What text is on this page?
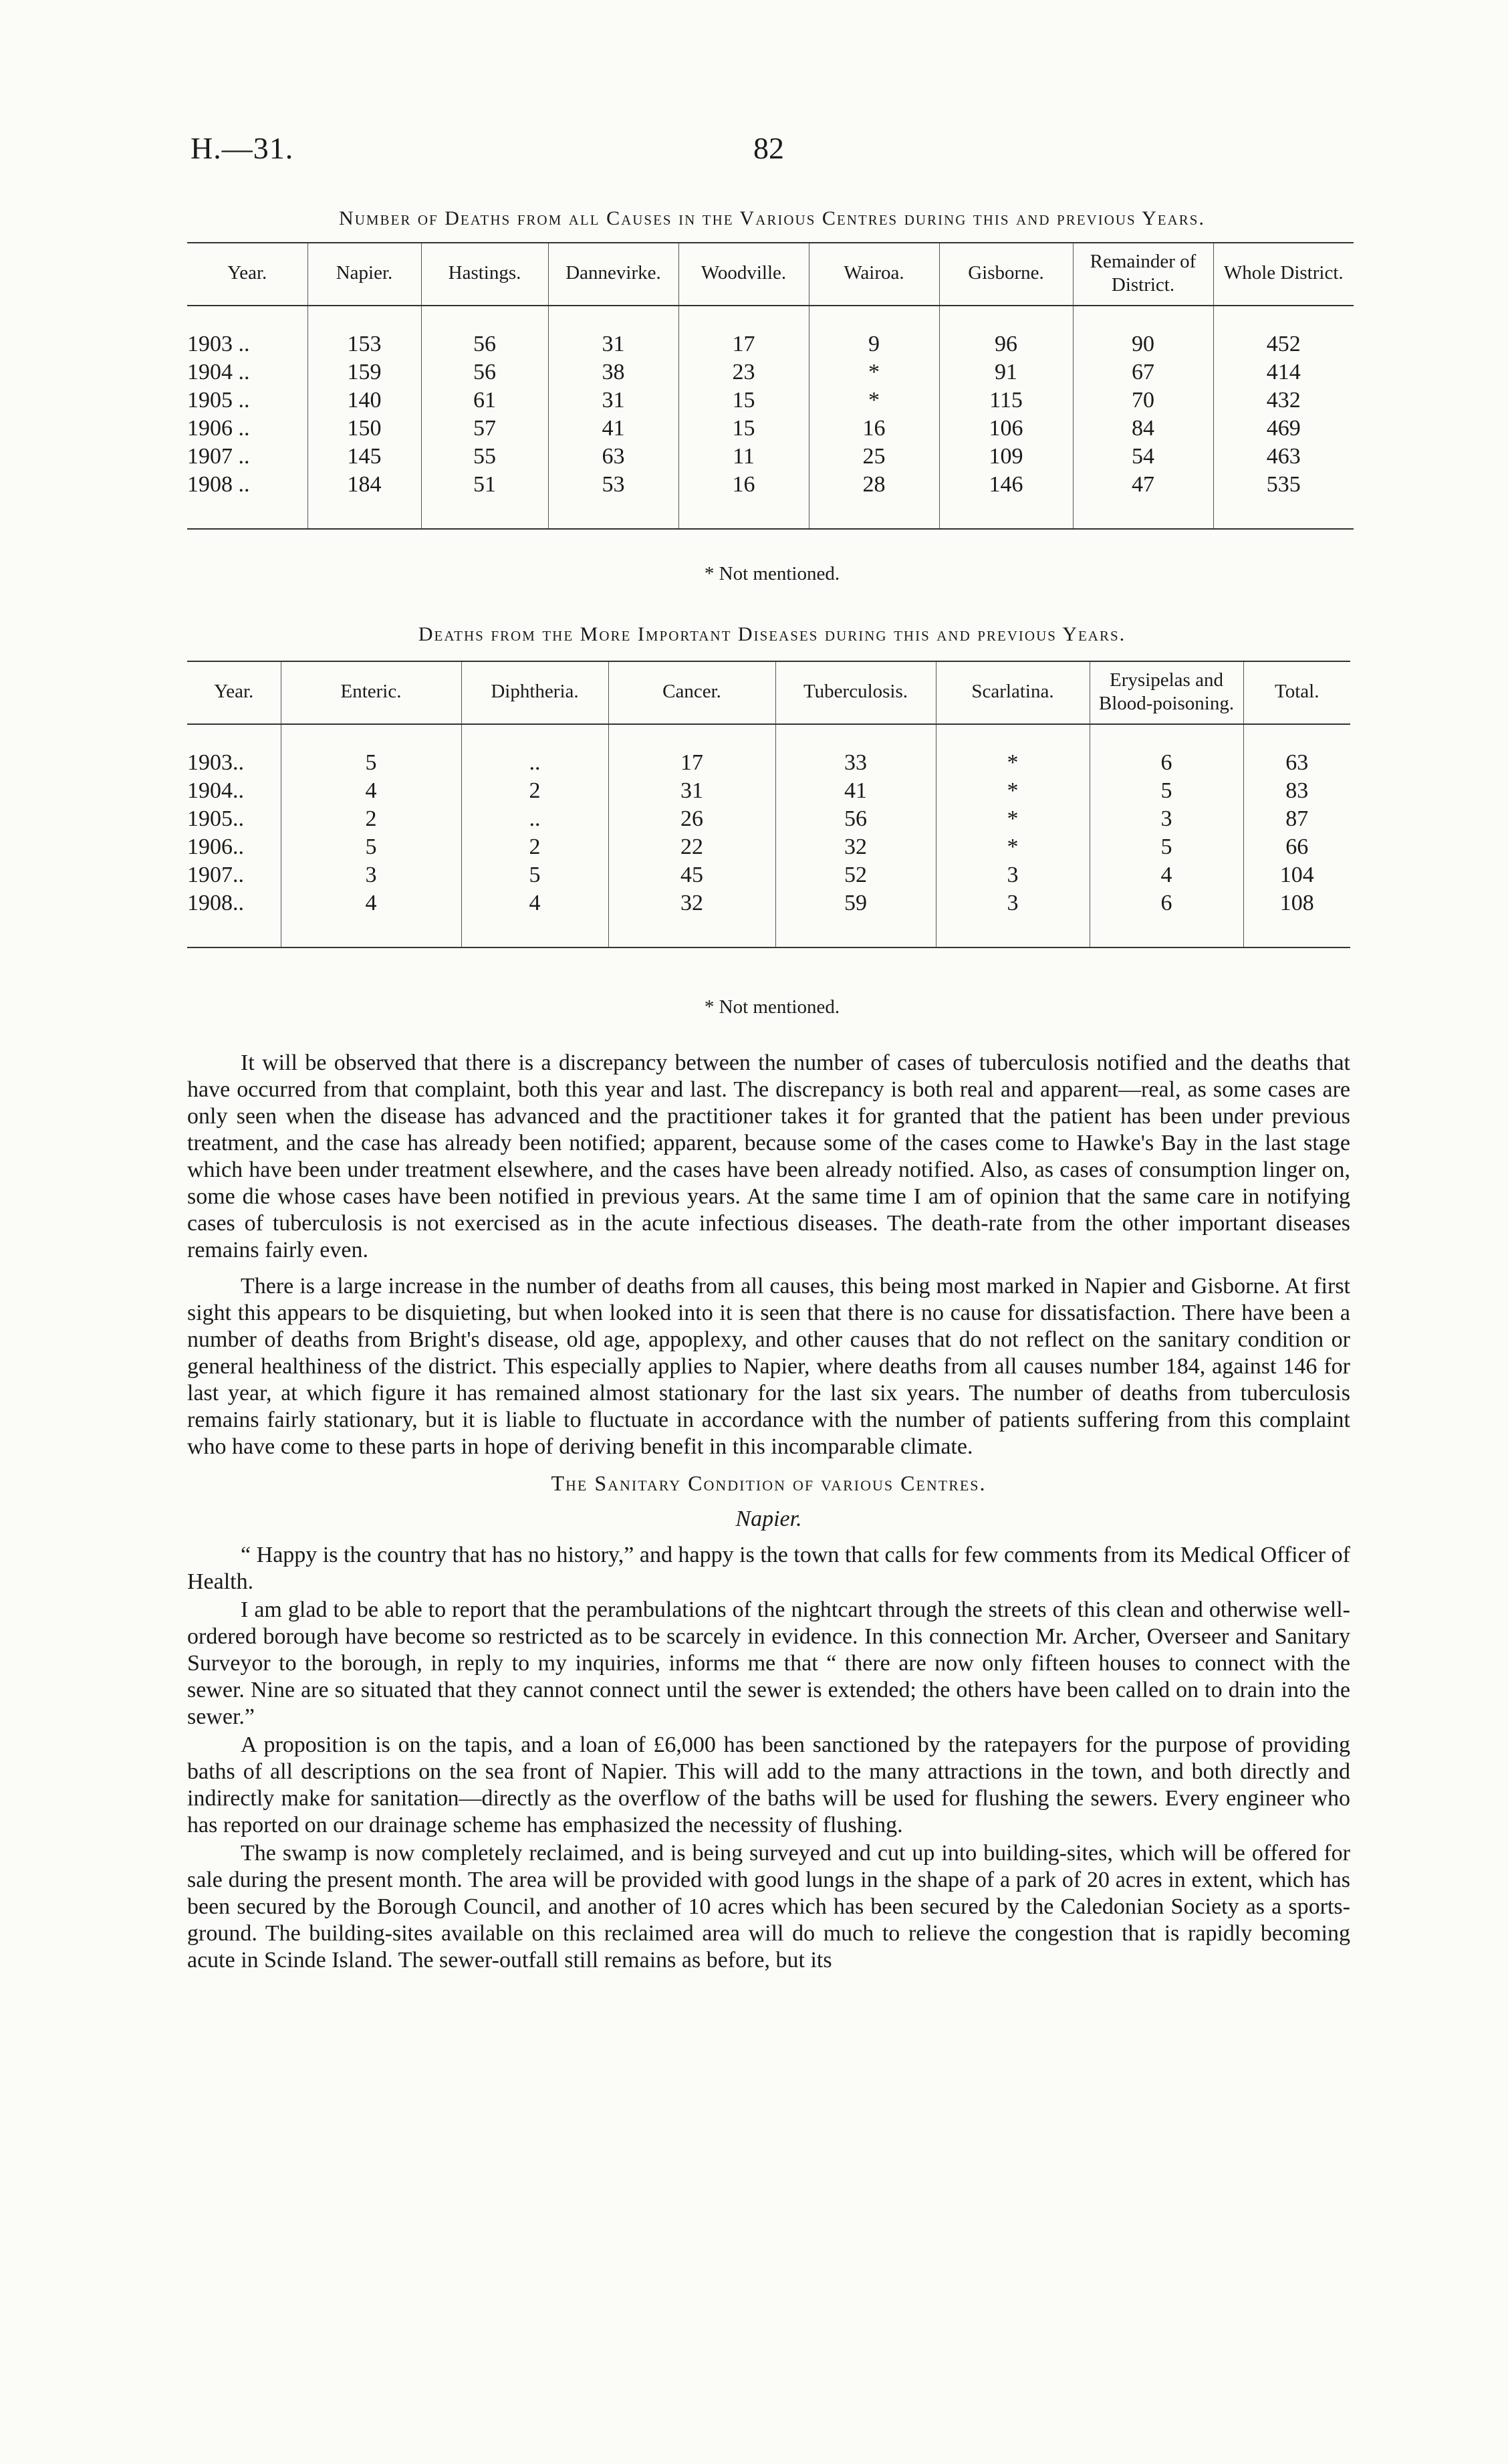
H.—31.	82
Number of Deaths from all Causes in the Various Centres during this and previous Years.
Year.	Napier.	Hastings.	Dannevirke.	Woodville.	Wairoa.	Gisborne.	Remainder of District.	Whole District.
1903 ..	153	56	31	17	9	96	90	452
1904 ..	159	56	38	23	*	91	67	414
1905 ..	140	61	31	15	*	115	70	432
1906 ..	150	57	41	15	16	106	84	469
1907 ..	145	55	63	11	25	109	54	463
1908 ..	184	51	53	16	28	146	47	535
* Not mentioned.
Deaths from the More Important Diseases during this and previous Years.
Year.	Enteric.	Diphtheria.	Cancer.	Tuberculosis.	Scarlatina.	Erysipelas and Blood-poisoning.	Total.
1903..	5	..	17	33	*	6	63
1904..	4	2	31	41	*	5	83
1905..	2	..	26	56	*	3	87
1906..	5	2	22	32	*	5	66
1907..	3	5	45	52	3	4	104
1908..	4	4	32	59	3	6	108
* Not mentioned.

It will be observed that there is a discrepancy between the number of cases of tuberculosis notified and the deaths that have occurred from that complaint, both this year and last. The discrepancy is both real and apparent—real, as some cases are only seen when the disease has advanced and the practitioner takes it for granted that the patient has been under previous treatment, and the case has already been notified; apparent, because some of the cases come to Hawke's Bay in the last stage which have been under treatment elsewhere, and the cases have been already notified. Also, as cases of consumption linger on, some die whose cases have been notified in previous years. At the same time I am of opinion that the same care in notifying cases of tuberculosis is not exercised as in the acute infectious diseases. The death-rate from the other important diseases remains fairly even.

There is a large increase in the number of deaths from all causes, this being most marked in Napier and Gisborne. At first sight this appears to be disquieting, but when looked into it is seen that there is no cause for dissatisfaction. There have been a number of deaths from Bright's disease, old age, appoplexy, and other causes that do not reflect on the sanitary condition or general healthiness of the district. This especially applies to Napier, where deaths from all causes number 184, against 146 for last year, at which figure it has remained almost stationary for the last six years. The number of deaths from tuberculosis remains fairly stationary, but it is liable to fluctuate in accordance with the number of patients suffering from this complaint who have come to these parts in hope of deriving benefit in this incomparable climate.

The Sanitary Condition of various Centres.

Napier.

“ Happy is the country that has no history,” and happy is the town that calls for few comments from its Medical Officer of Health.

I am glad to be able to report that the perambulations of the nightcart through the streets of this clean and otherwise well-ordered borough have become so restricted as to be scarcely in evidence. In this connection Mr. Archer, Overseer and Sanitary Surveyor to the borough, in reply to my inquiries, informs me that “ there are now only fifteen houses to connect with the sewer. Nine are so situated that they cannot connect until the sewer is extended; the others have been called on to drain into the sewer.”

A proposition is on the tapis, and a loan of £6,000 has been sanctioned by the ratepayers for the purpose of providing baths of all descriptions on the sea front of Napier. This will add to the many attractions in the town, and both directly and indirectly make for sanitation—directly as the overflow of the baths will be used for flushing the sewers. Every engineer who has reported on our drainage scheme has emphasized the necessity of flushing.

The swamp is now completely reclaimed, and is being surveyed and cut up into building-sites, which will be offered for sale during the present month. The area will be provided with good lungs in the shape of a park of 20 acres in extent, which has been secured by the Borough Council, and another of 10 acres which has been secured by the Caledonian Society as a sports-ground. The building-sites available on this reclaimed area will do much to relieve the congestion that is rapidly becoming acute in Scinde Island. The sewer-outfall still remains as before, but its
